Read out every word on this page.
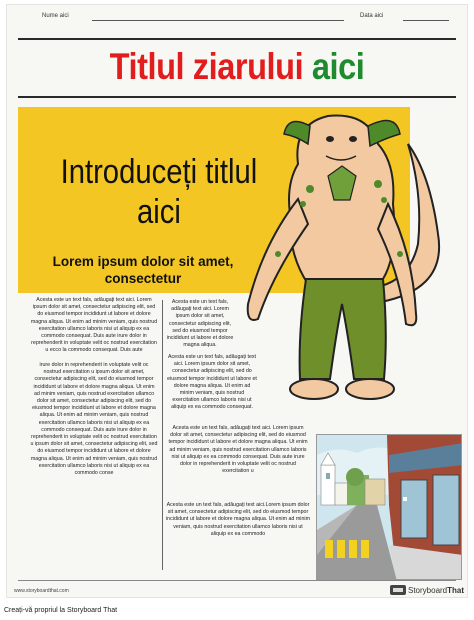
Nume aici	Data aici
Titlul ziarului aici
Introduceți titlul aici
Lorem ipsum dolor sit amet, consectetur
Acesta este un text fals, adăugați text aici. Lorem ipsum dolor sit amet, consectetur adipiscing elit, sed do eiusmod tempor incididunt ut labore et dolore magna aliqua. Ut enim ad minim veniam, quis nostrud exercitation ullamco laboris nisi ut aliquip ex ea commodo consequat. Duis aute irure dolor in reprehenderit in voluptate velit oc nostrud exercitation u ecco la commodo consequat. Duis aute
irure dolor in reprehenderit in voluptate velit oc nostrud exercitation u ipsum dolor sit amet, consectetur adipiscing elit, sed do eiusmod tempor incididunt ut labore et dolore magna aliqua. Ut enim ad minim veniam, quis nostrud exercitation ullamco dolor sit amet, consectetur adipiscing elit, sed do eiusmod tempor incididunt ut labore et dolore magna aliqua. Ut enim ad minim veniam, quis nostrud exercitation ullamco laboris nisi ut aliquip ex ea commodo consequat. Duis aute irure dolor in reprehenderit in voluptate velit oc nostrud exercitation u ipsum dolor sit amet, consectetur adipiscing elit, sed do eiusmod tempor incididunt ut labore et dolore magna aliqua. Ut enim ad minim veniam, quis nostrud exercitation ullamco laboris nisi ut aliquip ex ea commodo conse
Acesta este un text fals, adăugați text aici. Lorem ipsum dolor sit amet, consectetur adipiscing elit, sed do eiusmod tempor incididunt ut labore et dolore magna aliqua.
Acesta este un text fals, adăugați text aici. Lorem ipsum dolor sit amet, consectetur adipiscing elit, sed do eiusmod tempor incididunt ut labore et dolore magna aliqua. Ut enim ad minim veniam, quis nostrud exercitation ullamco laboris nisi ut aliquip ex ea commodo consequat.
Acesta este un text fals, adăugați text aici. Lorem ipsum dolor sit amet, consectetur adipiscing elit, sed do eiusmod tempor incididunt ut labore et dolore magna aliqua. Ut enim ad minim veniam, quis nostrud exercitation ullamco laboris nisi ut aliquip ex ea commodo consequat. Duis aute irure dolor in reprehenderit in voluptate velit oc nostrud exercitation u
Acesta este un text fals, adăugați text aici.Lorem ipsum dolor sit amet, consectetur adipiscing elit, sed do eiusmod tempor incididunt ut labore et dolore magna aliqua. Ut enim ad minim veniam, quis nostrud exercitation ullamco laboris nisi ut aliquip ex ea commodo
www.storyboardthat.com	StoryboardThat
Creați-vă propriul la Storyboard That
